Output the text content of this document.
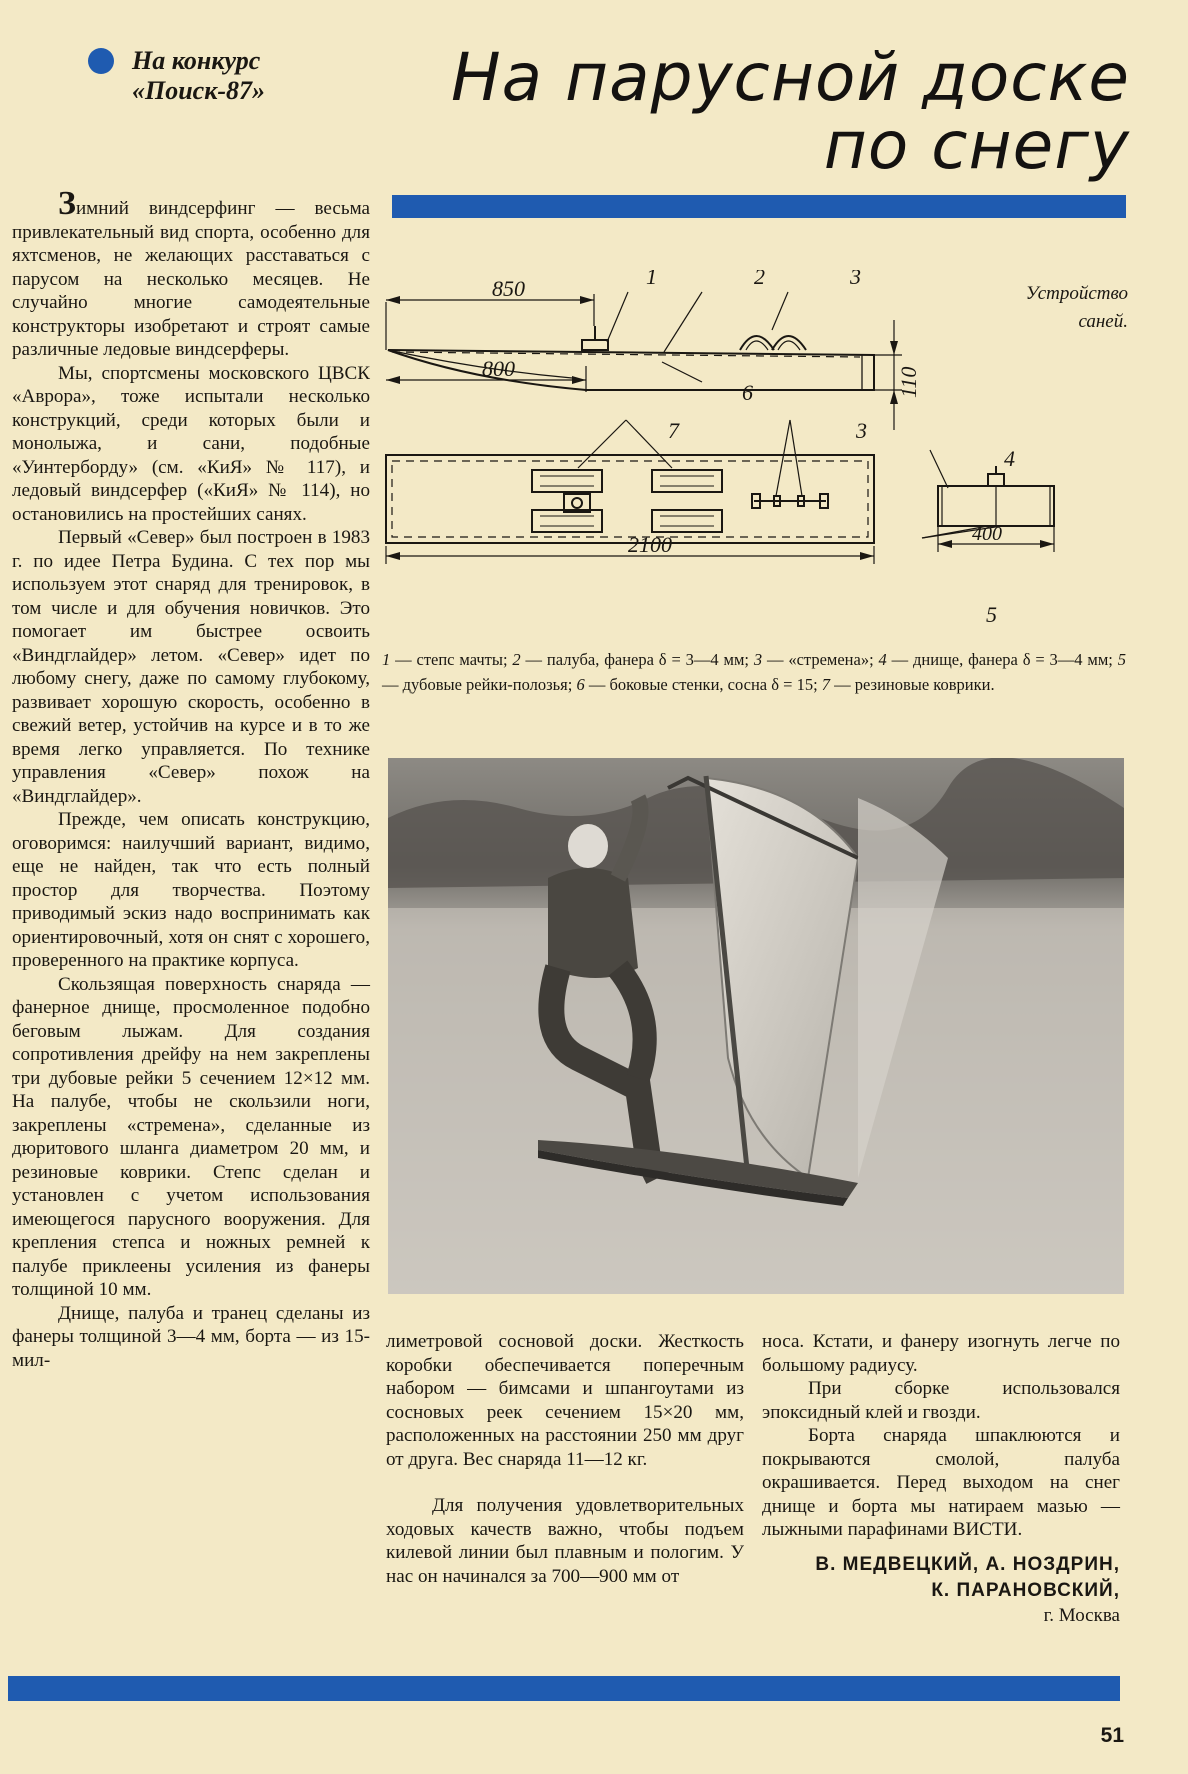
На конкурс
«Поиск-87»	На парусной доске
по снегу

Зимний виндсерфинг — весьма привлекательный вид спорта, особенно для яхтсменов, не желающих расставаться с парусом на несколько месяцев. Не случайно многие самодеятельные конструкторы изобретают и строят самые различные ледовые виндсерферы.

Мы, спортсмены московского ЦВСК «Аврора», тоже испытали несколько конструкций, среди которых были и монолыжа, и сани, подобные «Уинтерборду» (см. «КиЯ» № 117), и ледовый виндсерфер («КиЯ» № 114), но остановились на простейших санях.

Первый «Север» был построен в 1983 г. по идее Петра Будина. С тех пор мы используем этот снаряд для тренировок, в том числе и для обучения новичков. Это помогает им быстрее освоить «Виндглайдер» летом. «Север» идет по любому снегу, даже по самому глубокому, развивает хорошую скорость, особенно в свежий ветер, устойчив на курсе и в то же время легко управляется. По технике управления «Север» похож на «Виндглайдер».

Прежде, чем описать конструкцию, оговоримся: наилучший вариант, видимо, еще не найден, так что есть полный простор для творчества. Поэтому приводимый эскиз надо воспринимать как ориентировочный, хотя он снят с хорошего, проверенного на практике корпуса.

Скользящая поверхность снаряда — фанерное днище, просмоленное подобно беговым лыжам. Для создания сопротивления дрейфу на нем закреплены три дубовые рейки 5 сечением 12×12 мм. На палубе, чтобы не скользили ноги, закреплены «стремена», сделанные из дюритового шланга диаметром 20 мм, и резиновые коврики. Степс сделан и установлен с учетом использования имеющегося парусного вооружения. Для крепления степса и ножных ремней к палубе приклеены усиления из фанеры толщиной 10 мм.

Днище, палуба и транец сделаны из фанеры толщиной 3—4 мм, борта — из 15-мил-

Устройство
саней.
850
800	110
2100	400
1	2	3
6
7	3
4
5
1 — степс мачты; 2 — палуба, фанера δ = 3—4 мм; 3 — «стремена»; 4 — днище, фанера δ = 3—4 мм; 5 — дубовые рейки-полозья; 6 — боковые стенки, сосна δ = 15; 7 — резиновые коврики.

лиметровой сосновой доски. Жесткость коробки обеспечивается поперечным набором — бимсами и шпангоутами из сосновых реек сечением 15×20 мм, расположенных на расстоянии 250 мм друг от друга. Вес снаряда 11—12 кг.

Для получения удовлетворительных ходовых качеств важно, чтобы подъем килевой линии был плавным и пологим. У нас он начинался за 700—900 мм от

носа. Кстати, и фанеру изогнуть легче по большому радиусу.

При сборке использовался эпоксидный клей и гвозди.

Борта снаряда шпаклюются и покрываются смолой, палуба окрашивается. Перед выходом на снег днище и борта мы натираем мазью — лыжными парафинами ВИСТИ.

В. МЕДВЕЦКИЙ, А. НОЗДРИН,
К. ПАРАНОВСКИЙ,
г. Москва
51
